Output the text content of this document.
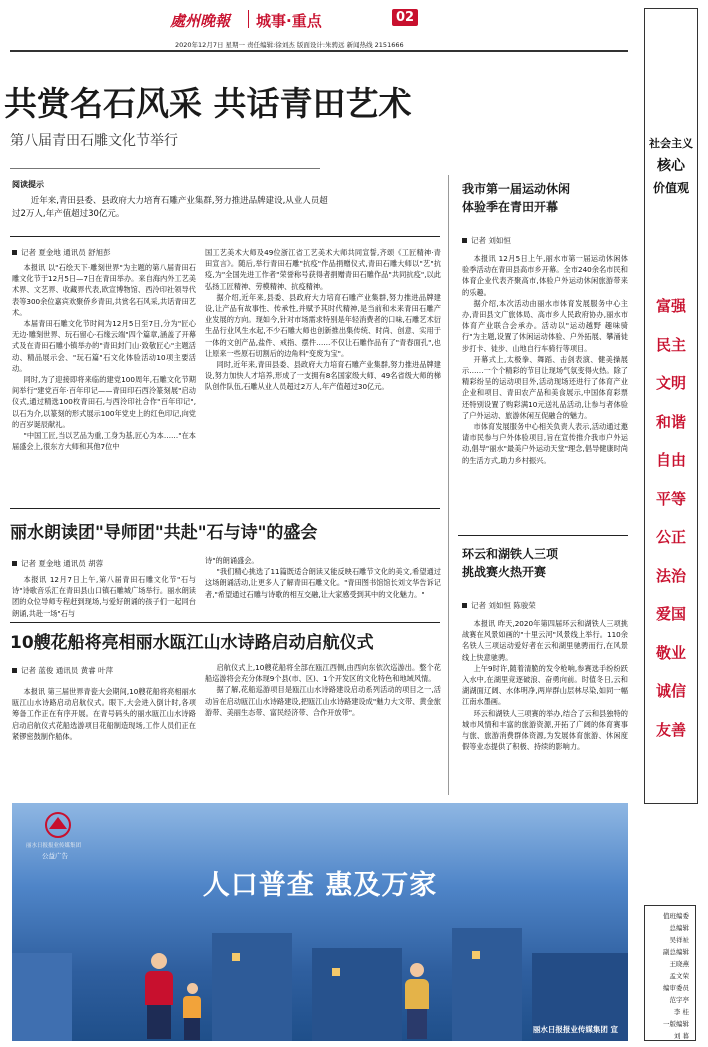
處州晚報 城事·重点	02
2020年12月7日 星期一 责任编辑:徐刘杰 版面设计:朱骋远 新闻热线 2151666
共赏名石风采 共话青田艺术
第八届青田石雕文化节举行
阅读提示
近年来,青田县委、县政府大力培育石雕产业集群,努力推进品牌建设,从业人员超过2万人,年产值超过30亿元。
记者 夏金地 通讯员 舒旭彭

本报讯 以"石绘天下·雕刻世界"为主题的第八届青田石雕文化节于12月5日—7日在青田举办。来自海内外工艺美术界、文艺界、收藏界代表,欧宣博物馆、西泠印社领导代表等300余位嘉宾欢聚侨乡青田,共赏名石风采,共话青田艺术。

本届青田石雕文化节时间为12月5日至7日,分为"匠心无边·雕刻世界、玩石留心·石缘云端"四个篇章,涵盖了开幕式及在青田石雕小镇举办的"青田封门山·致敬匠心"主题活动、精品展示会、"玩石篇"石文化体验活动10项主要活动。

同时,为了迎接即将来临的建党100周年,石雕文化节期间举行"建党百年·百年印记——青田印石西泠篆刻展"启动仪式,通过精选100枚青田石,与西泠印社合作"百年印记",以石为介,以篆刻的形式展示100年党史上的红色印记,向党的百岁诞辰献礼。

"中国工匠,当以艺品为重,工身为基,匠心为本……"在本届盛会上,很东方大师和其他7位中

国工艺美术大师及49位浙江省工艺美术大师共同宣誓,齐颂《工匠精神·青田宣言》。随后,举行青田石雕"抗疫"作品捐赠仪式,青田石雕大师以"艺"抗疫,为"全国先进工作者"荣誉称号获得者捐赠青田石雕作品"共同抗疫",以此弘扬工匠精神、劳模精神、抗疫精神。

据介绍,近年来,县委、县政府大力培育石雕产业集群,努力推进品牌建设,让产品有故事性、传承性,并赋予其时代精神,是当前和未来青田石雕产业发展的方向。现如今,针对市场需求特别是年轻消费者的口味,石雕艺术衍生品行业风生水起,不少石雕大师也创新推出集传统、时尚、创意、实用于一体的文创产品,盐件、戒指、摆件……不仅让石雕作品有了"青春面孔",也让原来一些原石切割后的边角料"变废为宝"。

同时,近年来,青田县委、县政府大力培育石雕产业集群,努力推进品牌建设,努力加快人才培养,形成了一支拥有8名国家级大师、49名省级大师的梯队创作队伍,石雕从业人员超过2万人,年产值超过30亿元。

丽水朗读团"导师团"共赴"石与诗"的盛会
记者 夏金地 通讯员 胡蓉

本报讯 12月7日上午,第八届青田石雕文化节"石与诗"诗歌音乐汇在青田县山口镇石雕城广场举行。丽水朗读团的众位导师专程赶到现场,与爱好朗诵的孩子们一起同台朗诵,共赴一场"石与

诗"的朗诵盛会。

"我们精心挑选了11篇既适合朗读又能反映石雕节文化的美文,希望通过这场朗诵活动,让更多人了解青田石雕文化。"青田图书馆馆长刘文华告诉记者,"希望通过石雕与诗歌的相互交融,让大家感受到其中的文化魅力。"

10艘花船将亮相丽水瓯江山水诗路启动启航仪式
记者 蓝俊 通讯员 黄睿 叶萍

本报讯 第三届世界青瓷大会期间,10艘花船将亮相丽水瓯江山水诗路启动启航仪式。眼下,大会进入倒计时,各项筹备工作正在有序开展。在青号码头的丽水瓯江山水诗路启动启航仪式花船选游项目花船制造现场,工作人员们正在紧锣密鼓制作船体。

启航仪式上,10艘花船将全部在瓯江西侧,由西向东依次巡游出。整个花船巡游将会充分体现9个县(市、区)、1个开发区的文化特色和地域风情。

据了解,花船巡游项目是瓯江山水诗路建设启动系列活动的项目之一,活动旨在启动瓯江山水诗路建设,把瓯江山水诗路建设成"魅力大文带、黄金旅游带、美丽生态带、富民经济带、合作开放带"。

我市第一届运动休闲
体验季在青田开幕
记者 刘如恒

本报讯 12月5日上午,丽水市第一届运动休闲体验季活动在青田县高市乡开幕。全市240余名市民和体育企业代表齐聚高市,体验户外运动休闲旅游带来的乐趣。

据介绍,本次活动由丽水市体育发展服务中心主办,青田县文广旅体局、高市乡人民政府协办,丽水市体育产业联合会承办。活动以"运动越野 趣味骑行"为主题,设置了休闲运动体验、户外拓展、攀涌徒步打卡、徒步、山地自行车骑行等项目。

开幕式上,太极拳、舞蹈、击剑表演、健美操展示……一个个精彩的节目让现场气氛变得火热。除了精彩纷呈的运动项目外,活动现场还进行了体育产业企业和项目、青田农产品和美食展示,中国体育彩票还特别设置了购彩满10元送礼品活动,让参与者体验了户外运动、旅游休闲互促融合的魅力。

市体育发展服务中心相关负责人表示,活动通过邀请市民参与户外体验项目,旨在宣传推介我市户外运动,倡导"丽水"最美户外运动天堂"理念,倡导健康时尚的生活方式,助力乡村振兴。

环云和湖铁人三项
挑战赛火热开赛
记者 刘如恒 陈骏荣

本报讯 昨天,2020年第四届环云和湖铁人三项挑战赛在风景如画的"十里云河"风景线上举行。110余名铁人三项运动爱好者在云和湖里驰骋而行,在风景线上快意驰骋。

上午9时许,随着清脆的发令枪响,参赛选手纷纷跃入水中,在湖里竞逐破浪、奋勇向前。时值冬日,云和湖湖面辽阔、水体明净,两岸群山层林尽染,如同一幅江南水墨画。

环云和湖铁人三项赛的举办,结合了云和县独特的城市风情和丰富的旅游资源,开拓了广阔的体育赛事与旅、旅游消费群体资源,为发展体育旅游、休闲度假等业态提供了积极、持续的影响力。

丽水日报报业传媒集团
公益广告
人口普查 惠及万家
丽水日报报业传媒集团 宣
社会主义
核心
价值观
富强
民主
文明
和谐
自由
平等
公正
法治
爱国
敬业
诚信
友善
值班编委
总编辑
吴祥祉
副总编辑
王晓燕
孟文荣
编审委员
范宇亭
李 桂
一版编辑
刘 暮
